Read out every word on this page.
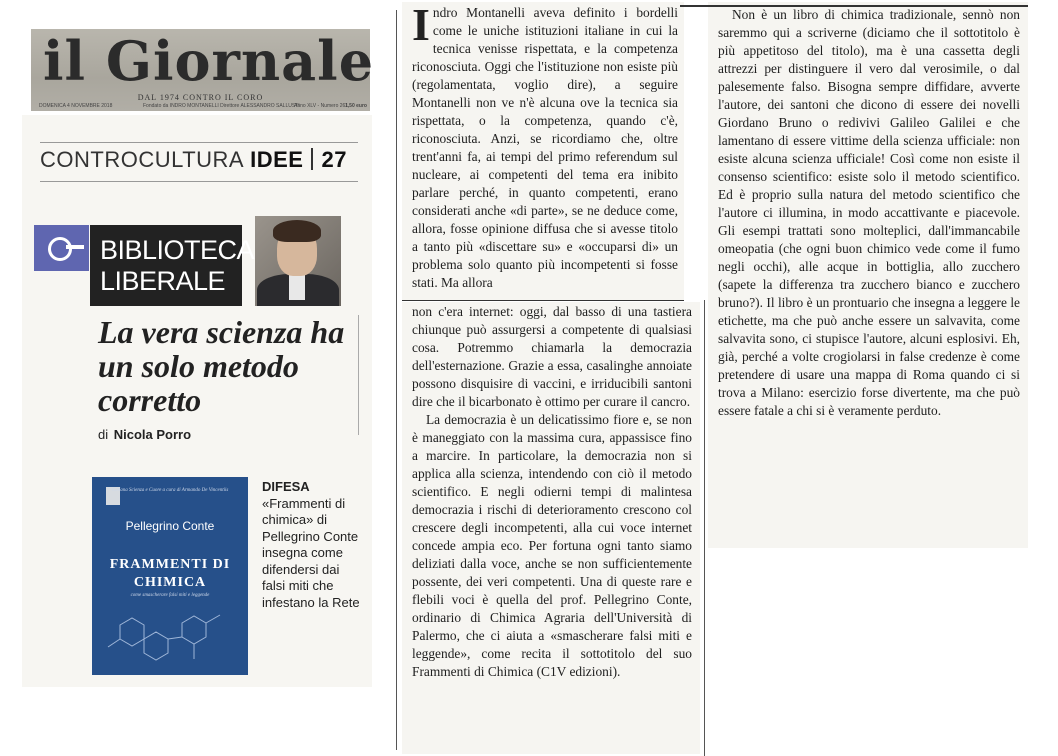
il Giornale
DAL 1974 CONTRO IL CORO
DOMENICA 4 NOVEMBRE 2018	Fondato da INDRO MONTANELLI Direttore ALESSANDRO SALLUSTI
Anno XLV - Numero 261
1,50 euro
CONTROCULTURA IDEE 27
BIBLIOTECA
LIBERALE
La vera scienza ha un solo metodo corretto
di Nicola Porro
Collana Scienza e Cuore a cura di Armando De Vincentiis
Pellegrino Conte
FRAMMENTI DI
CHIMICA
come smascherare falsi miti e leggende
DIFESA
«Frammenti di chimica» di Pellegrino Conte insegna come difendersi dai falsi miti che infestano la Rete
Indro Montanelli aveva definito i bordelli come le uniche istituzioni italiane in cui la tecnica venisse rispettata, e la competenza riconosciuta. Oggi che l'istituzione non esiste più (regolamentata, voglio dire), a seguire Montanelli non ve n'è alcuna ove la tecnica sia rispettata, o la competenza, quando c'è, riconosciuta. Anzi, se ricordiamo che, oltre trent'anni fa, ai tempi del primo referendum sul nucleare, ai competenti del tema era inibito parlare perché, in quanto competenti, erano considerati anche «di parte», se ne deduce come, allora, fosse opinione diffusa che si avesse titolo a tanto più «discettare su» e «occuparsi di» un problema solo quanto più incompetenti si fosse stati. Ma allora

non c'era internet: oggi, dal basso di una tastiera chiunque può assurgersi a competente di qualsiasi cosa. Potremmo chiamarla la democrazia dell'esternazione. Grazie a essa, casalinghe annoiate possono disquisire di vaccini, e irriducibili santoni dire che il bicarbonato è ottimo per curare il cancro.

La democrazia è un delicatissimo fiore e, se non è maneggiato con la massima cura, appassisce fino a marcire. In particolare, la democrazia non si applica alla scienza, intendendo con ciò il metodo scientifico. E negli odierni tempi di malintesa democrazia i rischi di deterioramento crescono col crescere degli incompetenti, alla cui voce internet concede ampia eco. Per fortuna ogni tanto siamo deliziati dalla voce, anche se non sufficientemente possente, dei veri competenti. Una di queste rare e flebili voci è quella del prof. Pellegrino Conte, ordinario di Chimica Agraria dell'Università di Palermo, che ci aiuta a «smascherare falsi miti e leggende», come recita il sottotitolo del suo Frammenti di Chimica (C1V edizioni).

Non è un libro di chimica tradizionale, sennò non saremmo qui a scriverne (diciamo che il sottotitolo è più appetitoso del titolo), ma è una cassetta degli attrezzi per distinguere il vero dal verosimile, o dal palesemente falso. Bisogna sempre diffidare, avverte l'autore, dei santoni che dicono di essere dei novelli Giordano Bruno o redivivi Galileo Galilei e che lamentano di essere vittime della scienza ufficiale: non esiste alcuna scienza ufficiale! Così come non esiste il consenso scientifico: esiste solo il metodo scientifico. Ed è proprio sulla natura del metodo scientifico che l'autore ci illumina, in modo accattivante e piacevole. Gli esempi trattati sono molteplici, dall'immancabile omeopatia (che ogni buon chimico vede come il fumo negli occhi), alle acque in bottiglia, allo zucchero (sapete la differenza tra zucchero bianco e zucchero bruno?). Il libro è un prontuario che insegna a leggere le etichette, ma che può anche essere un salvavita, come salvavita sono, ci stupisce l'autore, alcuni esplosivi. Eh, già, perché a volte crogiolarsi in false credenze è come pretendere di usare una mappa di Roma quando ci si trova a Milano: esercizio forse divertente, ma che può essere fatale a chi si è veramente perduto.
